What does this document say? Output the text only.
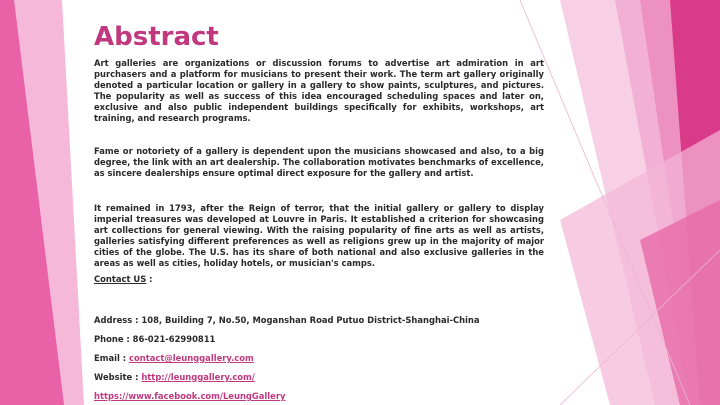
Abstract

Art galleries are organizations or discussion forums to advertise art admiration in art purchasers and a platform for musicians to present their work. The term art gallery originally denoted a particular location or gallery in a gallery to show paints, sculptures, and pictures. The popularity as well as success of this idea encouraged scheduling spaces and later on, exclusive and also public independent buildings specifically for exhibits, workshops, art training, and research programs.

Fame or notoriety of a gallery is dependent upon the musicians showcased and also, to a big degree, the link with an art dealership. The collaboration motivates benchmarks of excellence, as sincere dealerships ensure optimal direct exposure for the gallery and artist.

It remained in 1793, after the Reign of terror, that the initial gallery or gallery to display imperial treasures was developed at Louvre in Paris. It established a criterion for showcasing art collections for general viewing. With the raising popularity of fine arts as well as artists, galleries satisfying different preferences as well as religions grew up in the majority of major cities of the globe. The U.S. has its share of both national and also exclusive galleries in the areas as well as cities, holiday hotels, or musician's camps.

Contact US :

Address : 108, Building 7, No.50, Moganshan Road Putuo District-Shanghai-China

Phone : 86-021-62990811

Email : contact@leunggallery.com

Website : http://leunggallery.com/

https://www.facebook.com/LeungGallery
